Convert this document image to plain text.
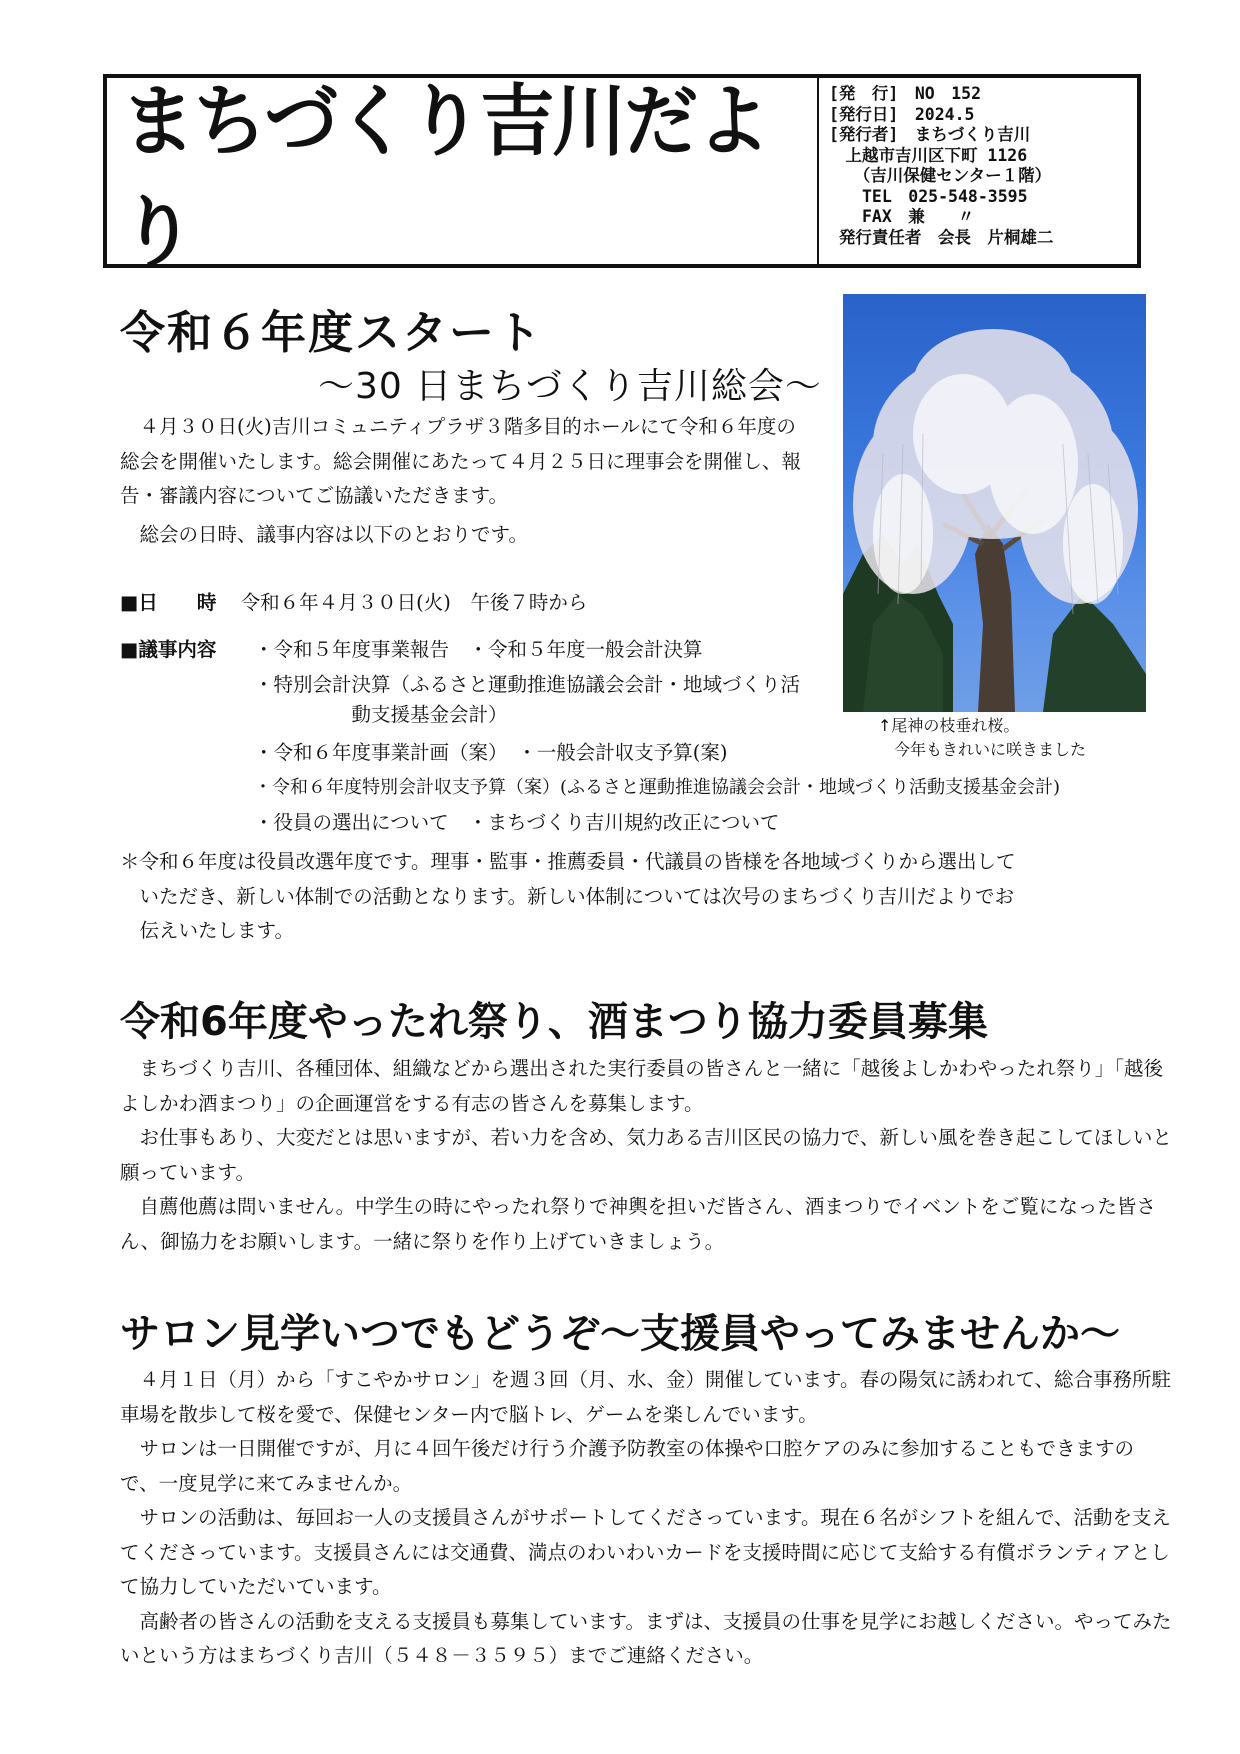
まちづくり吉川だより
[発　行]　NO　152
[発行日]　2024.5
[発行者]　まちづくり吉川
　上越市吉川区下町 1126
　　（吉川保健センター１階）
　　TEL　025-548-3595
　　FAX　兼　　〃
発行責任者　会長　片桐雄二
令和６年度スタート
～30 日まちづくり吉川総会～

４月３０日(火)吉川コミュニティプラザ３階多目的ホールにて令和６年度の総会を開催いたします。総会開催にあたって４月２５日に理事会を開催し、報告・審議内容についてご協議いただきます。

総会の日時、議事内容は以下のとおりです。

■日　　時 令和６年４月３０日(火)　午後７時から
■議事内容 ・令和５年度事業報告　・令和５年度一般会計決算
・特別会計決算（ふるさと運動推進協議会会計・地域づくり活
　　　　　動支援基金会計）
・令和６年度事業計画（案）　・一般会計収支予算(案)
・令和６年度特別会計収支予算（案）(ふるさと運動推進協議会会計・地域づくり活動支援基金会計)
・役員の選出について　・まちづくり吉川規約改正について
＊令和６年度は役員改選年度です。理事・監事・推薦委員・代議員の皆様を各地域づくりから選出して
　いただき、新しい体制での活動となります。新しい体制については次号のまちづくり吉川だよりでお
　伝えいたします。
↑尾神の枝垂れ桜。
　今年もきれいに咲きました
令和6年度やったれ祭り、酒まつり協力委員募集

まちづくり吉川、各種団体、組織などから選出された実行委員の皆さんと一緒に「越後よしかわやったれ祭り」「越後よしかわ酒まつり」の企画運営をする有志の皆さんを募集します。

お仕事もあり、大変だとは思いますが、若い力を含め、気力ある吉川区民の協力で、新しい風を巻き起こしてほしいと願っています。

自薦他薦は問いません。中学生の時にやったれ祭りで神輿を担いだ皆さん、酒まつりでイベントをご覧になった皆さん、御協力をお願いします。一緒に祭りを作り上げていきましょう。

サロン見学いつでもどうぞ～支援員やってみませんか～

４月１日（月）から「すこやかサロン」を週３回（月、水、金）開催しています。春の陽気に誘われて、総合事務所駐車場を散歩して桜を愛で、保健センター内で脳トレ、ゲームを楽しんでいます。

サロンは一日開催ですが、月に４回午後だけ行う介護予防教室の体操や口腔ケアのみに参加することもできますので、一度見学に来てみませんか。

サロンの活動は、毎回お一人の支援員さんがサポートしてくださっています。現在６名がシフトを組んで、活動を支えてくださっています。支援員さんには交通費、満点のわいわいカードを支援時間に応じて支給する有償ボランティアとして協力していただいています。

高齢者の皆さんの活動を支える支援員も募集しています。まずは、支援員の仕事を見学にお越しください。やってみたいという方はまちづくり吉川（５４８－３５９５）までご連絡ください。
